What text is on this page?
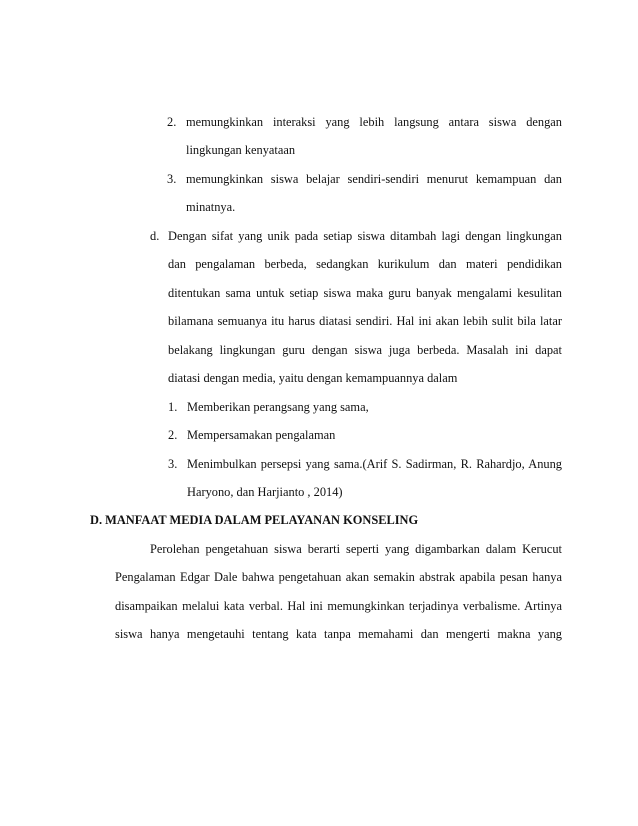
2. memungkinkan interaksi yang lebih langsung antara siswa dengan
lingkungan kenyataan
3. memungkinkan siswa belajar sendiri-sendiri menurut kemampuan dan
minatnya.
d. Dengan sifat yang unik pada setiap siswa ditambah lagi dengan lingkungan
dan pengalaman berbeda, sedangkan kurikulum dan materi pendidikan
ditentukan sama untuk setiap siswa maka guru banyak mengalami kesulitan
bilamana semuanya itu harus diatasi sendiri. Hal ini akan lebih sulit bila latar
belakang lingkungan guru dengan siswa juga berbeda. Masalah ini dapat
diatasi dengan media, yaitu dengan kemampuannya dalam
1. Memberikan perangsang yang sama,
2. Mempersamakan pengalaman
3. Menimbulkan persepsi yang sama.(Arif S. Sadirman, R. Rahardjo, Anung
Haryono, dan Harjianto , 2014)
D. MANFAAT MEDIA DALAM PELAYANAN KONSELING
Perolehan pengetahuan siswa berarti seperti yang digambarkan dalam Kerucut
Pengalaman Edgar Dale bahwa pengetahuan akan semakin abstrak apabila pesan hanya
disampaikan melalui kata verbal. Hal ini memungkinkan terjadinya verbalisme. Artinya
siswa hanya mengetauhi tentang kata tanpa memahami dan mengerti makna yang
